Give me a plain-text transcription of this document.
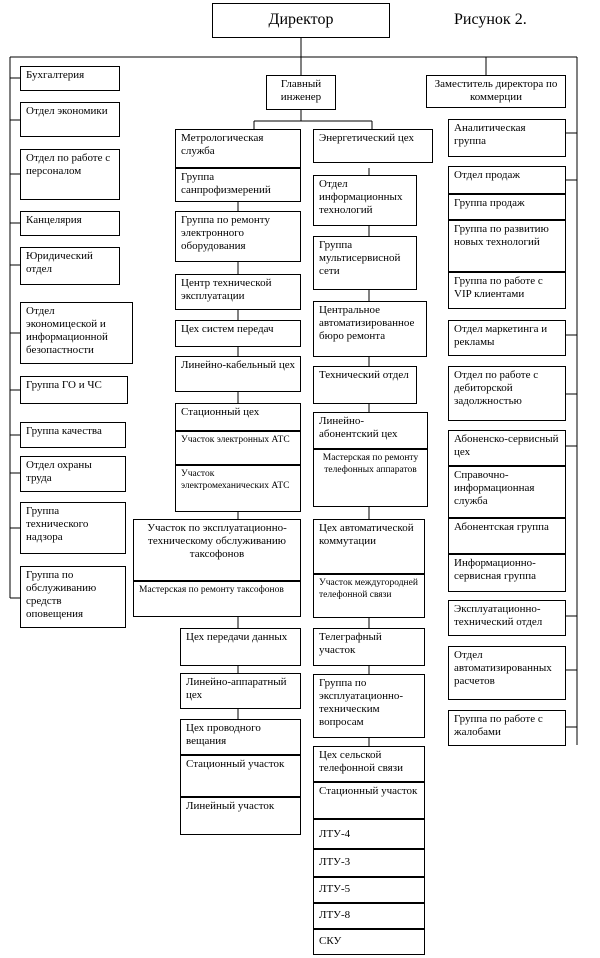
Директор	Рисунок 2.
Главный инженер
Заместитель директора по коммерции
Бухгалтерия
Отдел экономики
Отдел по работе с персоналом
Канцелярия
Юридический отдел
Отдел экономицеской и информационной безопастности
Группа ГО и ЧС
Группа качества
Отдел охраны труда
Группа технического надзора
Группа по обслуживанию средств оповещения
Метрологическая служба
Группа санпрофизмерений
Группа по ремонту электронного оборудования
Центр технической эксплуатации
Цех систем передач
Линейно-кабельный цех
Стационный цех
Участок электронных АТС
Участок электромеханических АТС
Участок по эксплуатационно-техническому обслуживанию таксофонов
Мастерская по ремонту таксофонов
Цех передачи данных
Линейно-аппаратный цех
Цех проводного вещания
Стационный участок
Линейный участок
Энергетический цех
Отдел информационных технологий
Группа мультисервисной сети
Центральное автоматизированное бюро ремонта
Технический отдел
Линейно-абонентский цех
Мастерская по ремонту телефонных аппаратов
Цех автоматической коммутации
Участок междугородней телефонной связи
Телеграфный участок
Группа по эксплуатационно-техническим вопросам
Цех сельской телефонной связи
Стационный участок
ЛТУ-4
ЛТУ-3
ЛТУ-5
ЛТУ-8
СКУ
Аналитическая группа
Отдел продаж
Группа продаж
Группа по развитию новых технологий
Группа по работе с VIP клиентами
Отдел маркетинга и рекламы
Отдел по работе с дебиторской задолжностью
Абоненско-сервисный цех
Справочно-информационная служба
Абонентская группа
Информационно-сервисная группа
Эксплуатационно-технический отдел
Отдел автоматизированных расчетов
Группа по работе с жалобами
